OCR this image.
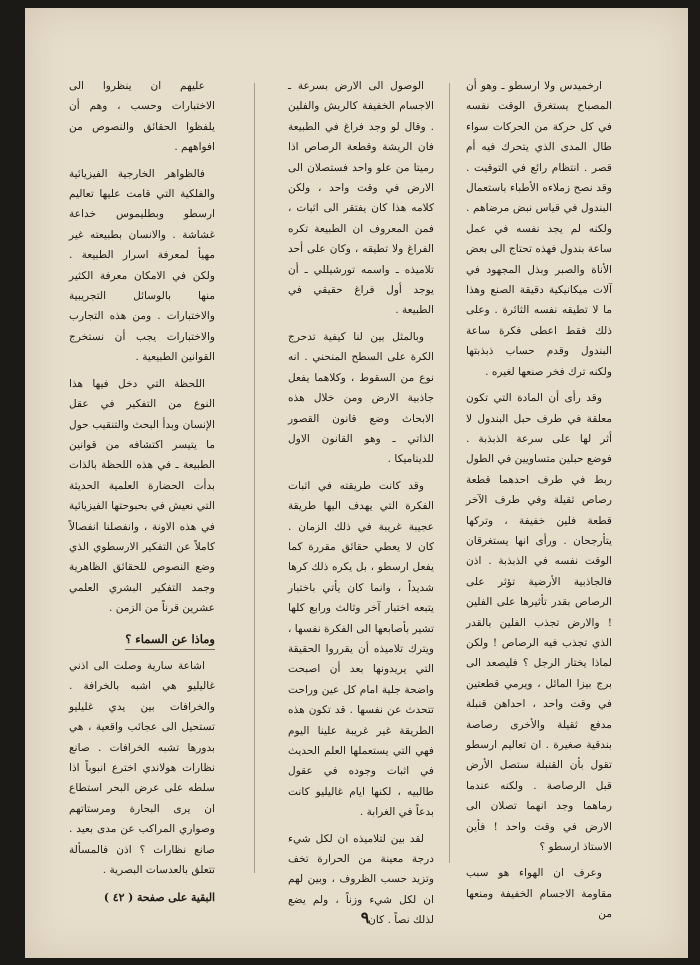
ارخميدس ولا ارسطو ـ وهو أن المصباح يستغرق الوقت نفسه في كل حركة من الحركات سواء طال المدى الذي يتحرك فيه أم قصر . انتظام رائع في التوقيت . وقد نصح زملاءه الأطباء باستعمال البندول في قياس نبض مرضاهم . ولكنه لم يجد نفسه في عمل ساعة بندول فهذه تحتاج الى بعض الأناة والصبر وبذل المجهود في آلات ميكانيكية دقيقة الصنع وهذا ما لا تطيقه نفسه الثائرة . وعلى ذلك فقط اعطى فكرة ساعة البندول وقدم حساب ذبذبتها ولكنه ترك فخر صنعها لغيره .

وقد رأى أن المادة التي تكون معلقة في طرف حبل البندول لا أثر لها على سرعة الذبذبة . فوضع حبلين متساويين في الطول ربط في طرف احدهما قطعة رصاص ثقيلة وفي طرف الآخر قطعة فلين خفيفة ، وتركها يتأرجحان . ورأى انها يستغرقان الوقت نفسه في الذبذبة . اذن فالجاذبية الأرضية تؤثر على الرصاص بقدر تأثيرها على الفلين ! والارض تجذب الفلين بالقدر الذي تجذب فيه الرصاص ! ولكن لماذا يختار الرجل ؟ فليصعد الى برج بيزا المائل ، ويرمي قطعتين في وقت واحد ، احداهن قنبلة مدفع ثقيلة والأخرى رصاصة بندقية صغيرة . ان تعاليم ارسطو تقول بأن القنبلة ستصل الأرض قبل الرصاصة . ولكنه عندما رماهما وجد انهما تصلان الى الارض في وقت واحد ! فأين الاستاذ ارسطو ؟

وعرف ان الهواء هو سبب مقاومة الاجسام الخفيفة ومنعها من

الوصول الى الارض بسرعة ـ الاجسام الخفيفة كالريش والفلين . وقال لو وجد فراغ في الطبيعة فان الريشة وقطعة الرصاص اذا رميتا من علو واحد فستصلان الى الارض في وقت واحد ، ولكن كلامه هذا كان يفتقر الى اثبات ، فمن المعروف ان الطبيعة تكره الفراغ ولا تطيقه ، وكان على أحد تلاميذه ـ واسمه تورشيللي ـ أن يوجد أول فراغ حقيقي في الطبيعة .

وبالمثل بين لنا كيفية تدحرج الكرة على السطح المنحني . انه نوع من السقوط ، وكلاهما يفعل جاذبية الارض ومن خلال هذه الابحاث وضع قانون القصور الذاتي ـ وهو القانون الاول للديناميكا .

وقد كانت طريقته في اثبات الفكرة التي يهدف اليها طريقة عجيبة غريبة في ذلك الزمان . كان لا يعطي حقائق مقررة كما يفعل ارسطو ، بل يكره ذلك كرها شديداً ، وانما كان يأتي باختبار يتبعه اختبار آخر وثالث ورابع كلها تشير بأصابعها الى الفكرة نفسها ، ويترك تلاميذه أن يقرروا الحقيقة التي يريدونها بعد أن اصبحت واضحة جلية امام كل عين وراحت تتحدث عن نفسها . قد تكون هذه الطريقة غير غريبة علينا اليوم فهي التي يستعملها العلم الحديث في اثبات وجوده في عقول طالبيه ، لكنها ايام غاليليو كانت بدعاً في الغرابة .

لقد بين لتلاميذه ان لكل شيء درجة معينة من الحرارة تخف وتزيد حسب الظروف ، وبين لهم ان لكل شيء وزناً ، ولم يضع لذلك نصاً . كان

عليهم ان ينظروا الى الاختبارات وحسب ، وهم أن يلفظوا الحقائق والنصوص من افواههم .

فالظواهر الخارجية الفيزيائية والفلكية التي قامت عليها تعاليم ارسطو وبطليموس خداعة غشاشة . والانسان بطبيعته غير مهيأ لمعرفة اسرار الطبيعة . ولكن في الامكان معرفة الكثير منها بالوسائل التجريبية والاختبارات . ومن هذه التجارب والاختبارات يجب أن نستخرج القوانين الطبيعية .

اللحظة التي دخل فيها هذا النوع من التفكير في عقل الإنسان وبدأ البحث والتنقيب حول ما يتيسر اكتشافه من قوانين الطبيعة ـ في هذه اللحظة بالذات بدأت الحضارة العلمية الحديثة التي نعيش في بحبوحتها الفيزيائية في هذه الاونة ، وانفصلنا انفصالاً كاملاً عن التفكير الارسطوي الذي وضع النصوص للحقائق الظاهرية وجمد التفكير البشري العلمي عشرين قرناً من الزمن .

وماذا عن السماء ؟

اشاعة سارية وصلت الى اذني غاليليو هي اشبه بالخرافة . والخرافات بين يدي غليليو تستحيل الى عجائب واقعية ، هي بدورها تشبه الخرافات . صانع نظارات هولاندي اخترع انبوباً اذا سلطه على عرض البحر استطاع ان يرى البحارة ومرستاتهم وصواري المراكب عن مدى بعيد . صانع نظارات ؟ اذن فالمسألة تتعلق بالعدسات البصرية .

البقية على صفحة ( ٤٢ )

٩
